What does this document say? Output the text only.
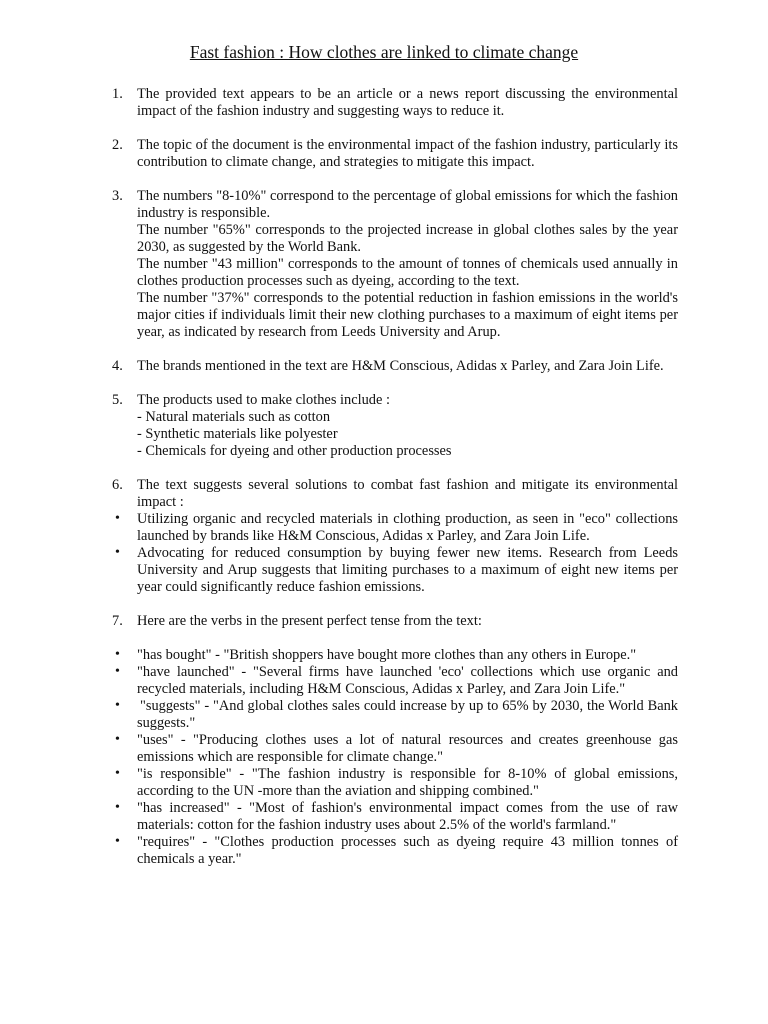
Fast fashion : How clothes are linked to climate change
1. The provided text appears to be an article or a news report discussing the environmental impact of the fashion industry and suggesting ways to reduce it.

2. The topic of the document is the environmental impact of the fashion industry, particularly its contribution to climate change, and strategies to mitigate this impact.

3. The numbers "8-10%" correspond to the percentage of global emissions for which the fashion industry is responsible.

The number "65%" corresponds to the projected increase in global clothes sales by the year 2030, as suggested by the World Bank.

The number "43 million" corresponds to the amount of tonnes of chemicals used annually in clothes production processes such as dyeing, according to the text.

The number "37%" corresponds to the potential reduction in fashion emissions in the world's major cities if individuals limit their new clothing purchases to a maximum of eight items per year, as indicated by research from Leeds University and Arup.

4. The brands mentioned in the text are H&M Conscious, Adidas x Parley, and Zara Join Life.

5. The products used to make clothes include :

- Natural materials such as cotton

- Synthetic materials like polyester

- Chemicals for dyeing and other production processes

6. The text suggests several solutions to combat fast fashion and mitigate its environmental impact :

• Utilizing organic and recycled materials in clothing production, as seen in "eco" collections launched by brands like H&M Conscious, Adidas x Parley, and Zara Join Life.

• Advocating for reduced consumption by buying fewer new items. Research from Leeds University and Arup suggests that limiting purchases to a maximum of eight new items per year could significantly reduce fashion emissions.

7. Here are the verbs in the present perfect tense from the text:

• "has bought" - "British shoppers have bought more clothes than any others in Europe."

• "have launched" - "Several firms have launched 'eco' collections which use organic and recycled materials, including H&M Conscious, Adidas x Parley, and Zara Join Life."

• "suggests" - "And global clothes sales could increase by up to 65% by 2030, the World Bank suggests."

• "uses" - "Producing clothes uses a lot of natural resources and creates greenhouse gas emissions which are responsible for climate change."

• "is responsible" - "The fashion industry is responsible for 8-10% of global emissions, according to the UN -more than the aviation and shipping combined."

• "has increased" - "Most of fashion's environmental impact comes from the use of raw materials: cotton for the fashion industry uses about 2.5% of the world's farmland."

• "requires" - "Clothes production processes such as dyeing require 43 million tonnes of chemicals a year."
